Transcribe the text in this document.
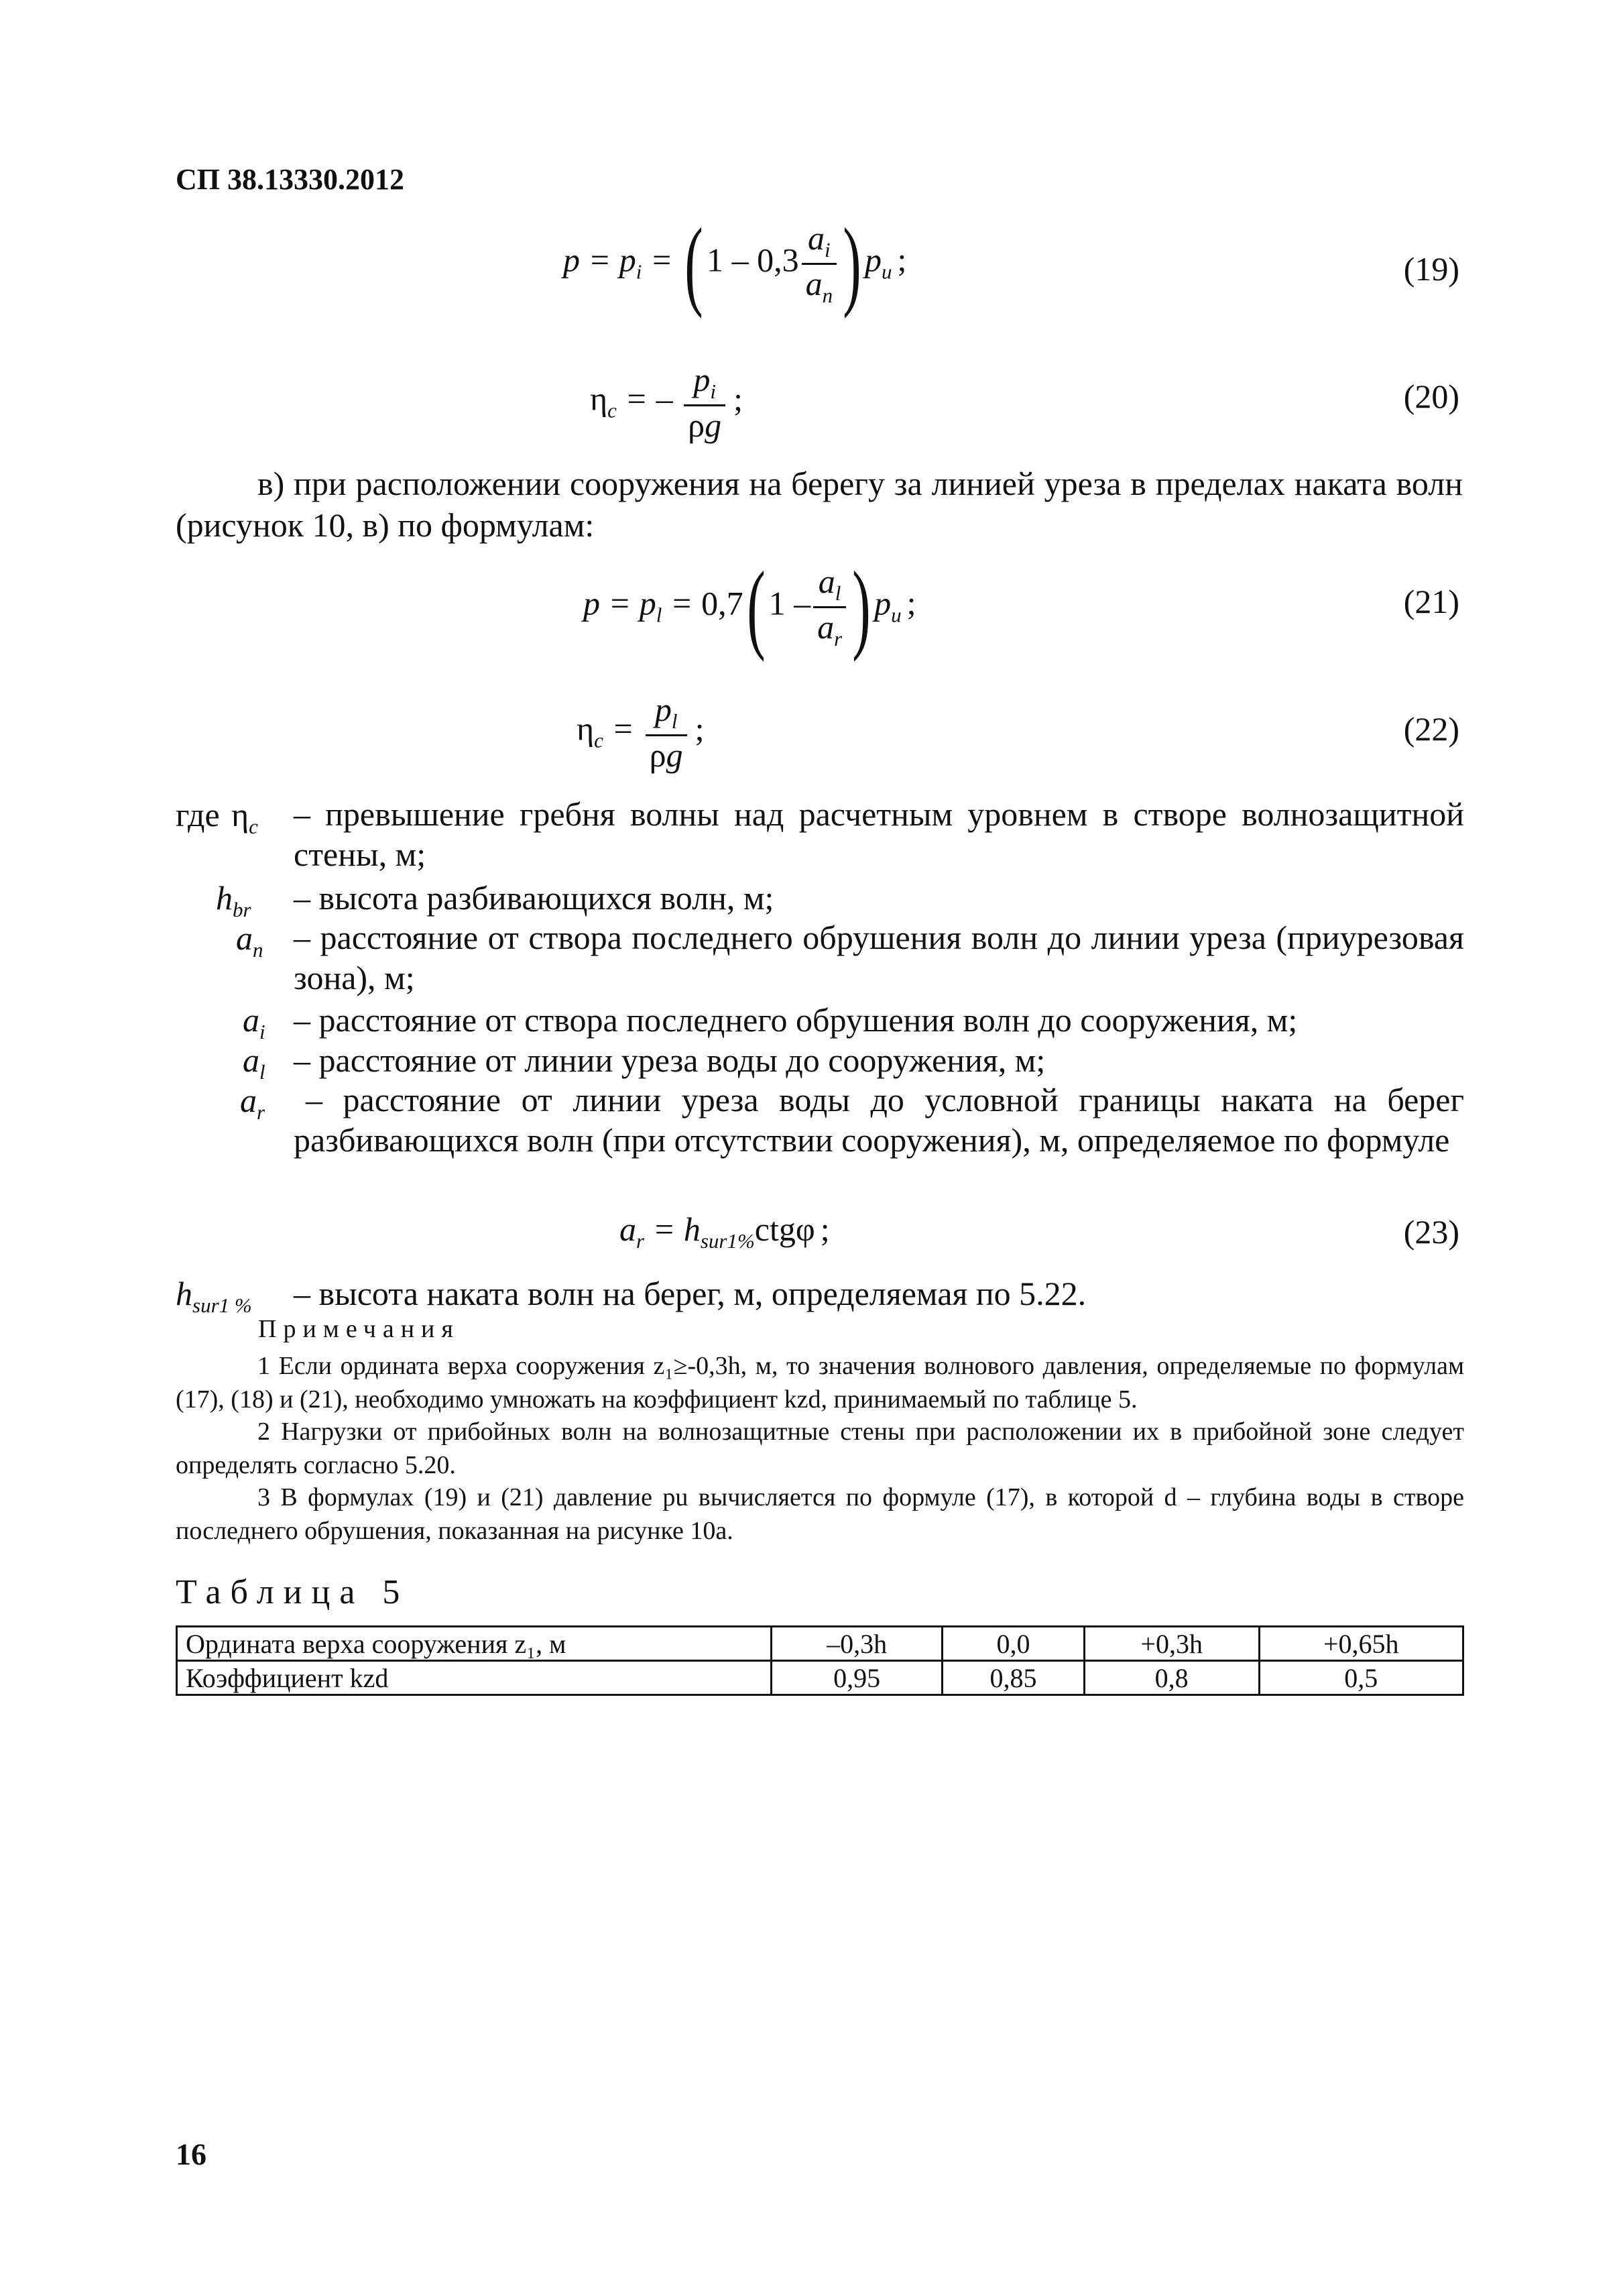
СП 38.13330.2012
$p = p_i$ = ( $1 - 0,3 \frac{a_i}{a_n}$ ) $p_u$ ;	(19)
$\eta_c$ = – $\frac{p_i}{\rho g}$ ;	(20)
в) при расположении сооружения на берегу за линией уреза в пределах наката волн (рисунок 10, в) по формулам:
$p = p_l = 0,7$( $1 - \frac{a_l}{a_r}$ ) $p_u$ ;	(21)
$\eta_c = \frac{p_l}{\rho g}$ ;	(22)
где $\eta_c$ – превышение гребня волны над расчетным уровнем в створе волнозащитной стены, м;
$h_{br}$ – высота разбивающихся волн, м;
$a_n$ – расстояние от створа последнего обрушения волн до линии уреза (приурезовая зона), м;
$a_i$ – расстояние от створа последнего обрушения волн до сооружения, м;
$a_l$ – расстояние от линии уреза воды до сооружения, м;
$a_r$	– расстояние от линии уреза воды до условной границы наката на берег разбивающихся волн (при отсутствии сооружения), м, определяемое по формуле
$a_r = h_{sur1\%}ctg\varphi$ ;	(23)
$h_{sur1 \%}$ – высота наката волн на берег, м, определяемая по 5.22.
Примечания
1 Если ордината верха сооружения z₁≥-0,3h, м, то значения волнового давления, определяемые по формулам (17), (18) и (21), необходимо умножать на коэффициент kzd, принимаемый по таблице 5.
2 Нагрузки от прибойных волн на волнозащитные стены при расположении их в прибойной зоне следует определять согласно 5.20.
3 В формулах (19) и (21) давление pu вычисляется по формуле (17), в которой d – глубина воды в створе последнего обрушения, показанная на рисунке 10а.
Таблица 5
Ордината верха сооружения z₁, м	–0,3h	0,0	+0,3h	+0,65h
Коэффициент kzd	0,95	0,85	0,8	0,5
16
